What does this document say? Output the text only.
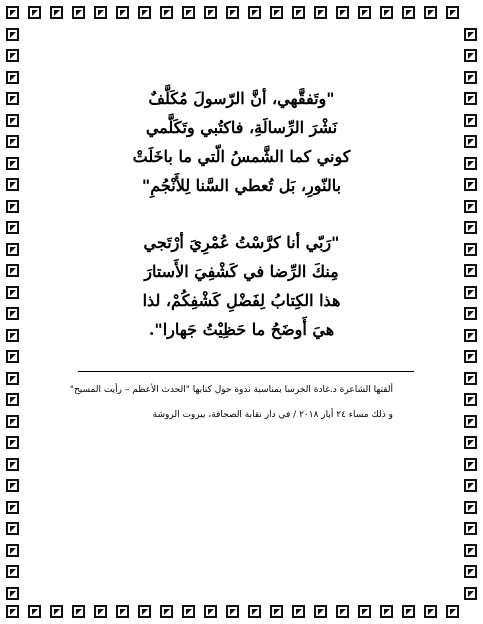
"وتَفقَّهي، أنَّ الرّسولَ مُكَلَّفٌ
نَشْرَ الرِّسالَةِ، فاكتُبي وتَكَلَّمي
كوني كما الشَّمسُ الّتي ما باخَلَتْ
بالنّورِ، بَل تُعطي السَّنا لِلأَنْجُمِ"
"رَبّي أنا كرَّسْتُ عُمْرِيَ أرْتَجي
مِنكَ الرِّضا في كَشْفِيَ الأَستارَ
هذا الكِتابُ لِفَضْلِ كَشْفِكُمْ، لذا
هيَ أَوضَحُ ما حَظِيْتُ جَهارا".
ألقتها الشاعرة د.غادة الخرسا بمناسبة ندوة حول كتابها "الحدث الأعظم – رأيت المسيح"
و ذلك مساء ٢٤ أيار ٢٠١٨ / في دار نقابة الصحافة، بيروت الروشة
